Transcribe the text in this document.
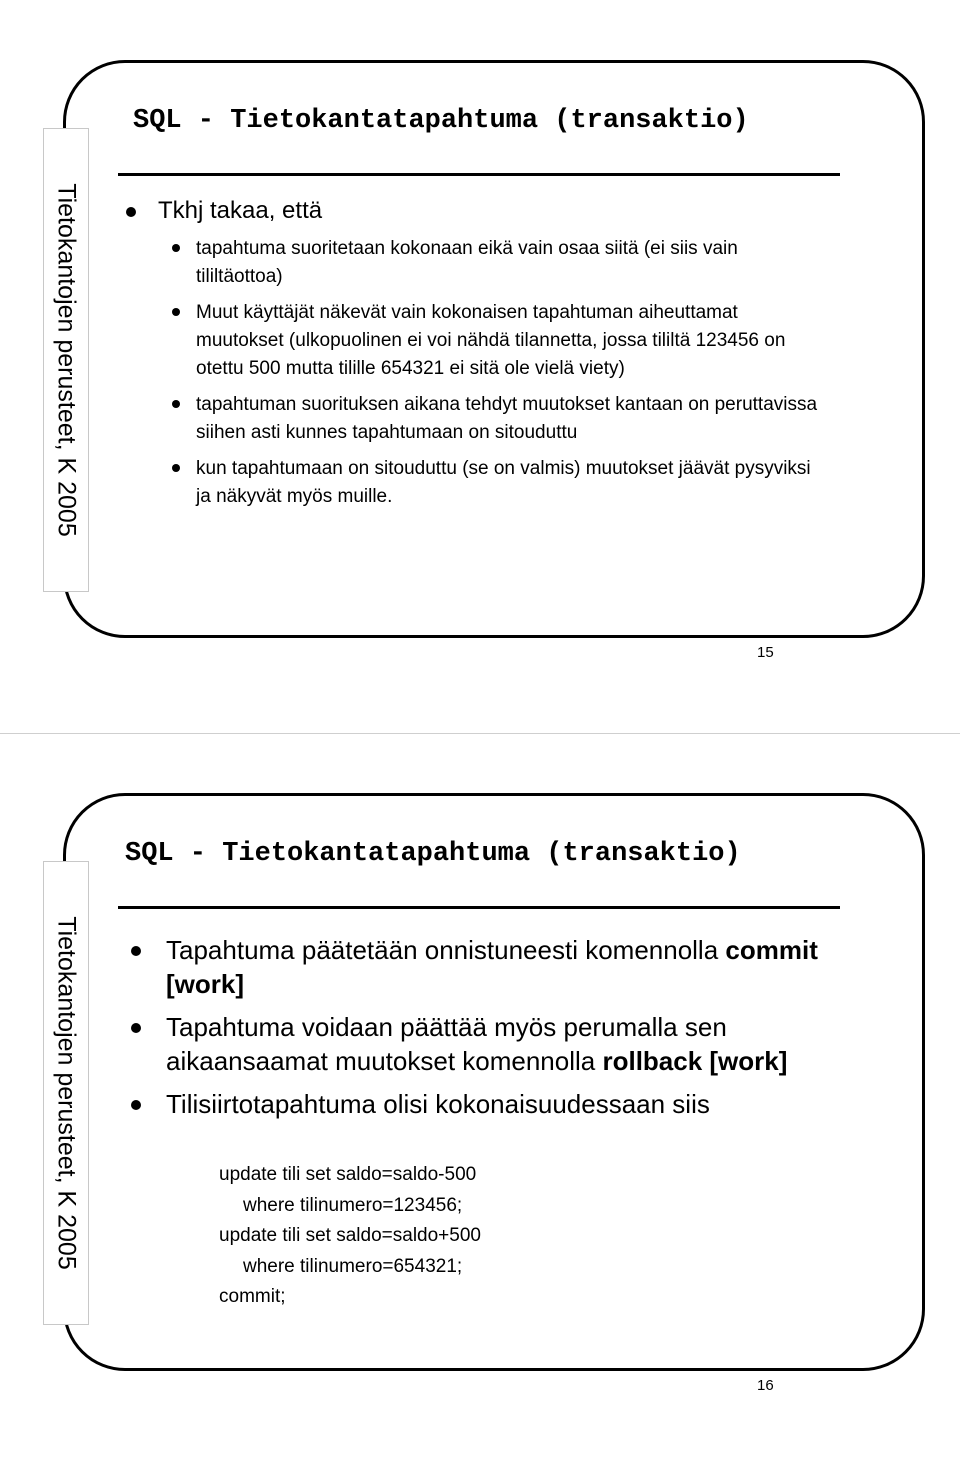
Tietokantojen perusteet, K 2005
SQL - Tietokantatapahtuma (transaktio)
Tkhj takaa, että
tapahtuma suoritetaan kokonaan eikä vain osaa siitä (ei siis vain tililtäottoa)
Muut käyttäjät näkevät vain kokonaisen tapahtuman aiheuttamat muutokset (ulkopuolinen ei voi nähdä tilannetta, jossa tililtä 123456 on otettu 500 mutta tilille 654321 ei sitä ole vielä viety)
tapahtuman suorituksen aikana tehdyt muutokset kantaan on peruttavissa siihen asti kunnes tapahtumaan on sitouduttu
kun tapahtumaan on sitouduttu (se on valmis) muutokset jäävät pysyviksi ja näkyvät myös muille.
15
Tietokantojen perusteet, K 2005
SQL - Tietokantatapahtuma (transaktio)
Tapahtuma päätetään onnistuneesti komennolla commit [work]
Tapahtuma voidaan päättää myös perumalla sen aikaansaamat muutokset komennolla rollback [work]
Tilisiirtotapahtuma olisi kokonaisuudessaan siis
update tili set saldo=saldo-500
where tilinumero=123456;
update tili set saldo=saldo+500
where tilinumero=654321;
commit;
16
